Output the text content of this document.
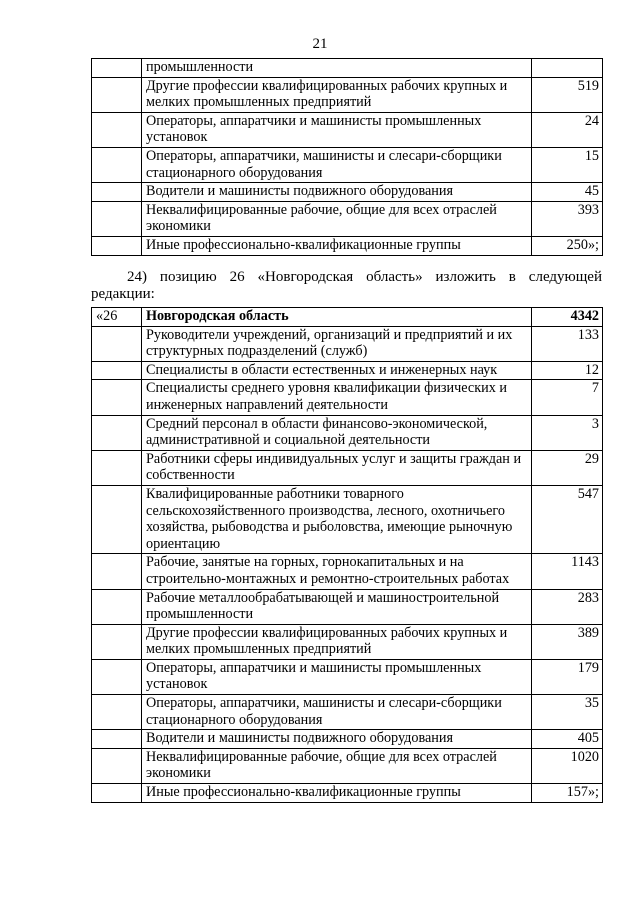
21
	промышленности	
	Другие профессии квалифицированных рабочих крупных и мелких промышленных предприятий	519
	Операторы, аппаратчики и машинисты промышленных установок	24
	Операторы, аппаратчики, машинисты и слесари-сборщики стационарного оборудования	15
	Водители и машинисты подвижного оборудования	45
	Неквалифицированные рабочие, общие для всех отраслей экономики	393
	Иные профессионально-квалификационные группы	250»;
24) позицию 26 «Новгородская область» изложить в следующей
редакции:
«26	Новгородская область	4342
	Руководители учреждений, организаций и предприятий и их структурных подразделений (служб)	133
	Специалисты в области естественных и инженерных наук	12
	Специалисты среднего уровня квалификации физических и инженерных направлений деятельности	7
	Средний персонал в области финансово-экономической, административной и социальной деятельности	3
	Работники сферы индивидуальных услуг и защиты граждан и собственности	29
	Квалифицированные работники товарного сельскохозяйственного производства, лесного, охотничьего хозяйства, рыбоводства и рыболовства, имеющие рыночную ориентацию	547
	Рабочие, занятые на горных, горнокапитальных и на строительно-монтажных и ремонтно-строительных работах	1143
	Рабочие металлообрабатывающей и машиностроительной промышленности	283
	Другие профессии квалифицированных рабочих крупных и мелких промышленных предприятий	389
	Операторы, аппаратчики и машинисты промышленных установок	179
	Операторы, аппаратчики, машинисты и слесари-сборщики стационарного оборудования	35
	Водители и машинисты подвижного оборудования	405
	Неквалифицированные рабочие, общие для всех отраслей экономики	1020
	Иные профессионально-квалификационные группы	157»;
